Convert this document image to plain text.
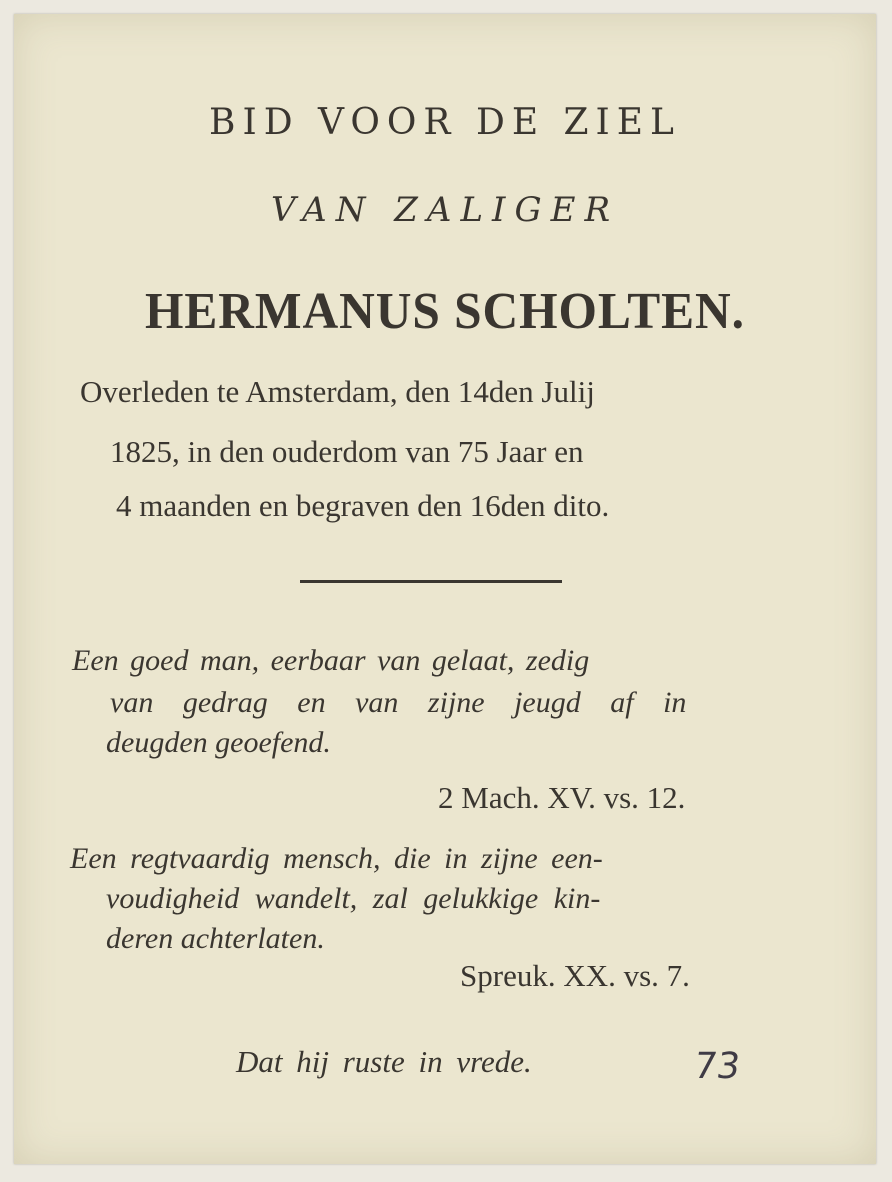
BID VOOR DE ZIEL
VAN ZALIGER
HERMANUS SCHOLTEN.
Overleden te Amsterdam, den 14den Julij
1825, in den ouderdom van 75 Jaar en
4 maanden en begraven den 16den dito.
Een goed man, eerbaar van gelaat, zedig
van gedrag en van zijne jeugd af in
deugden geoefend.
2 Mach. XV. vs. 12.
Een regtvaardig mensch, die in zijne een-
voudigheid wandelt, zal gelukkige kin-
deren achterlaten.
Spreuk. XX. vs. 7.
Dat hij ruste in vrede.	73
